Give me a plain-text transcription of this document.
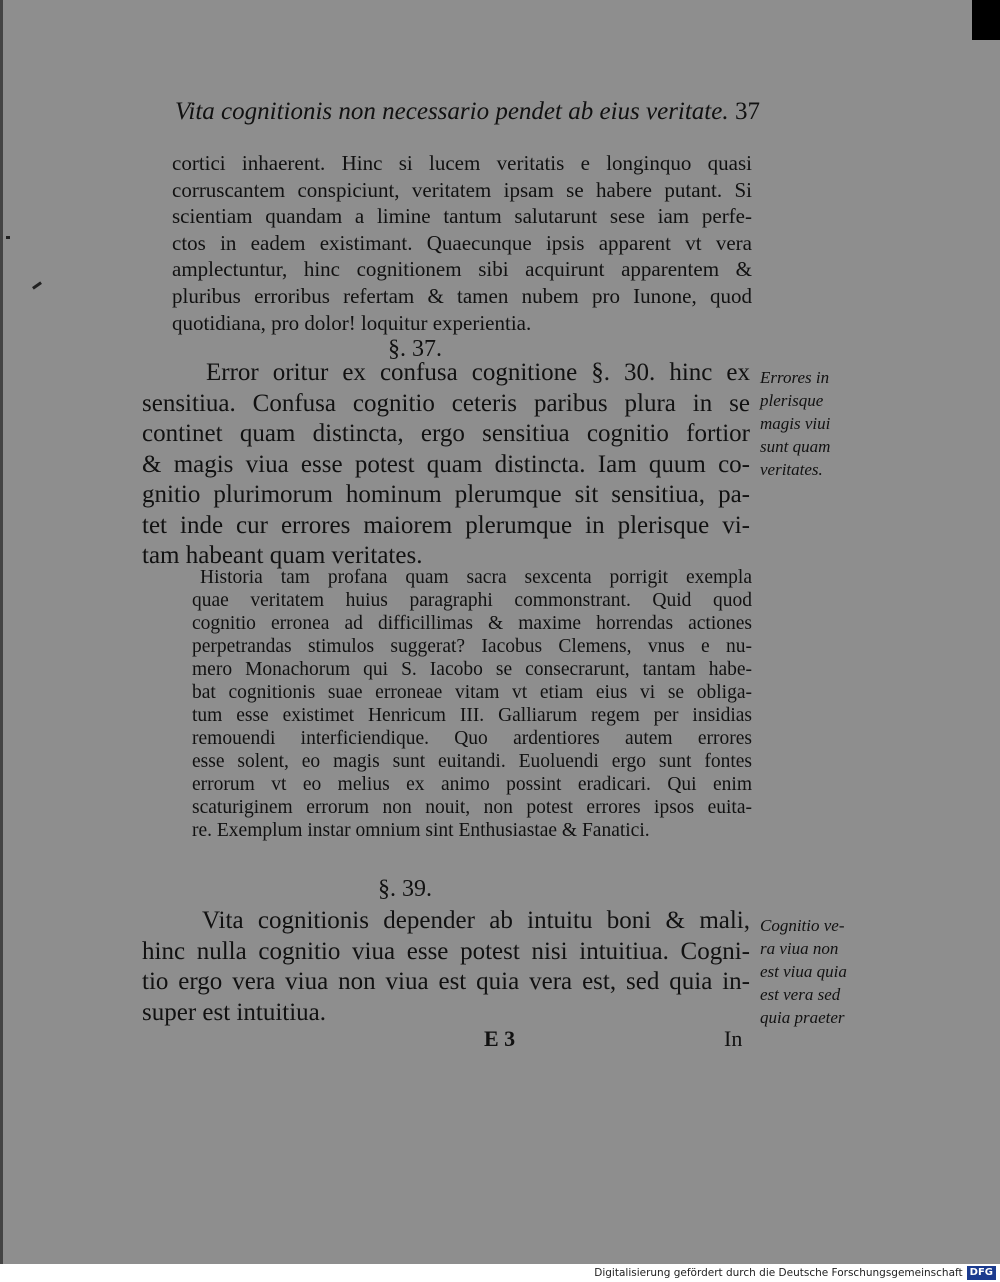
Vita cognitionis non necessario pendet ab eius veritate. 37
cortici inhaerent. Hinc si lucem veritatis e longinquo quasi
corruscantem conspiciunt, veritatem ipsam se habere putant. Si
scientiam quandam a limine tantum salutarunt sese iam perfe-
ctos in eadem existimant. Quaecunque ipsis apparent vt vera
amplectuntur, hinc cognitionem sibi acquirunt apparentem &
pluribus erroribus refertam & tamen nubem pro Iunone, quod
quotidiana, pro dolor! loquitur experientia.
§. 37.
Error oritur ex confusa cognitione §. 30. hinc ex
sensitiua. Confusa cognitio ceteris paribus plura in se
continet quam distincta, ergo sensitiua cognitio fortior
& magis viua esse potest quam distincta. Iam quum co-
gnitio plurimorum hominum plerumque sit sensitiua, pa-
tet inde cur errores maiorem plerumque in plerisque vi-
tam habeant quam veritates.
Errores in
plerisque
magis viui
sunt quam
veritates.
Historia tam profana quam sacra sexcenta porrigit exempla
quae veritatem huius paragraphi commonstrant. Quid quod
cognitio erronea ad difficillimas & maxime horrendas actiones
perpetrandas stimulos suggerat? Iacobus Clemens, vnus e nu-
mero Monachorum qui S. Iacobo se consecrarunt, tantam habe-
bat cognitionis suae erroneae vitam vt etiam eius vi se obliga-
tum esse existimet Henricum III. Galliarum regem per insidias
remouendi interficiendique. Quo ardentiores autem errores
esse solent, eo magis sunt euitandi. Euoluendi ergo sunt fontes
errorum vt eo melius ex animo possint eradicari. Qui enim
scaturiginem errorum non nouit, non potest errores ipsos euita-
re. Exemplum instar omnium sint Enthusiastae & Fanatici.
§. 39.
Vita cognitionis depender ab intuitu boni & mali,
hinc nulla cognitio viua esse potest nisi intuitiua. Cogni-
tio ergo vera viua non viua est quia vera est, sed quia in-
super est intuitiua.
Cognitio ve-
ra viua non
est viua quia
est vera sed
quia praeter
E 3	In
Digitalisierung gefördert durch die Deutsche Forschungsgemeinschaft DFG
